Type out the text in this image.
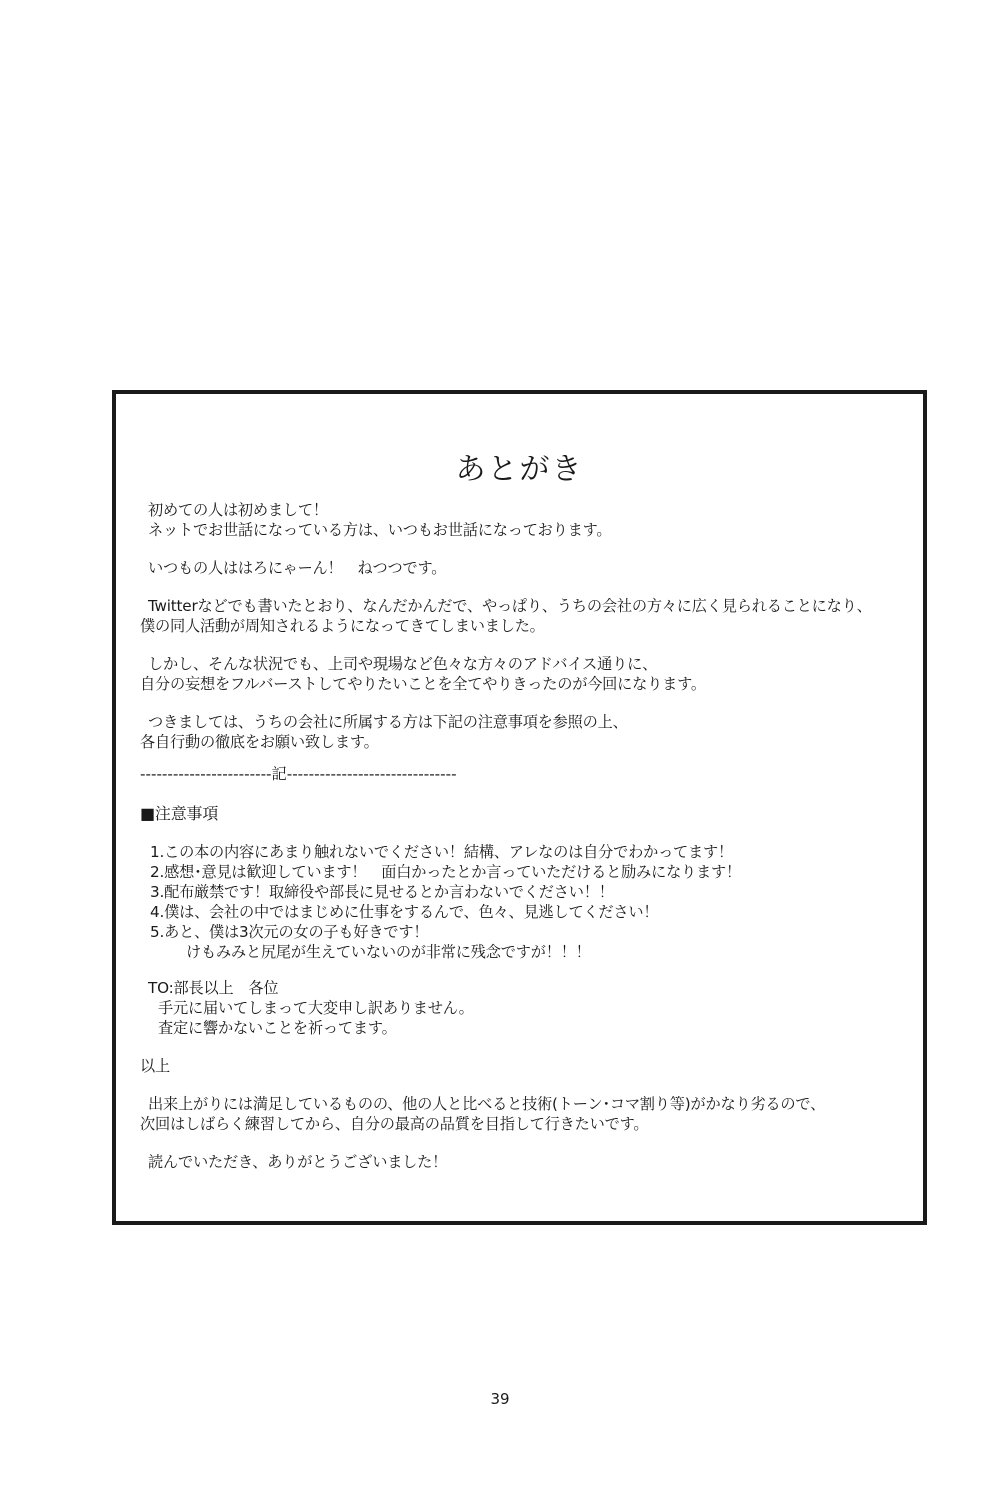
あとがき
初めての人は初めまして！
ネットでお世話になっている方は、いつもお世話になっております。
いつもの人ははろにゃーん！　ねつつです。
Twitterなどでも書いたとおり、なんだかんだで、やっぱり、うちの会社の方々に広く見られることになり、
僕の同人活動が周知されるようになってきてしまいました。
しかし、そんな状況でも、上司や現場など色々な方々のアドバイス通りに、
自分の妄想をフルバーストしてやりたいことを全てやりきったのが今回になります。
つきましては、うちの会社に所属する方は下記の注意事項を参照の上、
各自行動の徹底をお願い致します。
------------------------記-------------------------------
■注意事項
1.この本の内容にあまり触れないでください！結構、アレなのは自分でわかってます！
2.感想･意見は歓迎しています！　面白かったとか言っていただけると励みになります！
3.配布厳禁です！取締役や部長に見せるとか言わないでください！！
4.僕は、会社の中ではまじめに仕事をするんで、色々、見逃してください！
5.あと、僕は3次元の女の子も好きです！
けもみみと尻尾が生えていないのが非常に残念ですが！！！
TO:部長以上　各位
手元に届いてしまって大変申し訳ありません。
査定に響かないことを祈ってます。
以上
出来上がりには満足しているものの、他の人と比べると技術(トーン･コマ割り等)がかなり劣るので、
次回はしばらく練習してから、自分の最高の品質を目指して行きたいです。
読んでいただき、ありがとうございました！
39
